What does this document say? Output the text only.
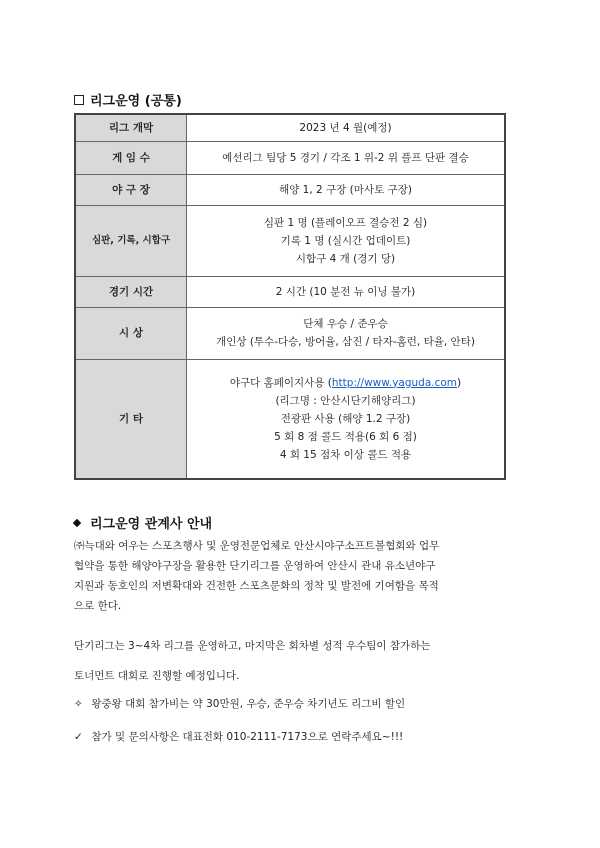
리그운영 (공통)
리그 개막	2023 년 4 월(예정)

게 임 수	예선리그 팀당 5 경기 / 각조 1 위-2 위 플프 단판 결승

야 구 장	해양 1, 2 구장 (마사토 구장)

심판, 기록, 시합구	심판 1 명 (플레이오프 결승전 2 심)
기록 1 명 (실시간 업데이트)
시합구 4 개 (경기 당)

경기 시간	2 시간 (10 분전 뉴 이닝 불가)

시 상	단체 우승 / 준우승
개인상 (투수-다승, 방어율, 삼진 / 타자-홈런, 타율, 안타)

기 타	야구다 홈페이지사용 (http://www.yaguda.com)
(리그명 : 안산시단기해양리그)
전광판 사용 (해양 1.2 구장)
5 회 8 점 콜드 적용(6 회 6 점)
4 회 15 점차 이상 콜드 적용
리그운영 관계사 안내
㈜늑대와 여우는 스포츠행사 및 운영전문업체로 안산시야구소프트볼협회와 업무
협약을 통한 해양야구장을 활용한 단기리그를 운영하여 안산시 관내 유소년야구
지원과 동호인의 저변확대와 건전한 스포츠문화의 정착 및 발전에 기여함을 목적
으로 한다.
단기리그는 3~4차 리그를 운영하고, 마지막은 회차별 성적 우수팀이 참가하는
토너먼트 대회로 진행할 예정입니다.
✧ 왕중왕 대회 참가비는 약 30만원, 우승, 준우승 차기년도 리그비 할인
✓ 참가 및 문의사항은 대표전화 010-2111-7173으로 연락주세요~!!!
